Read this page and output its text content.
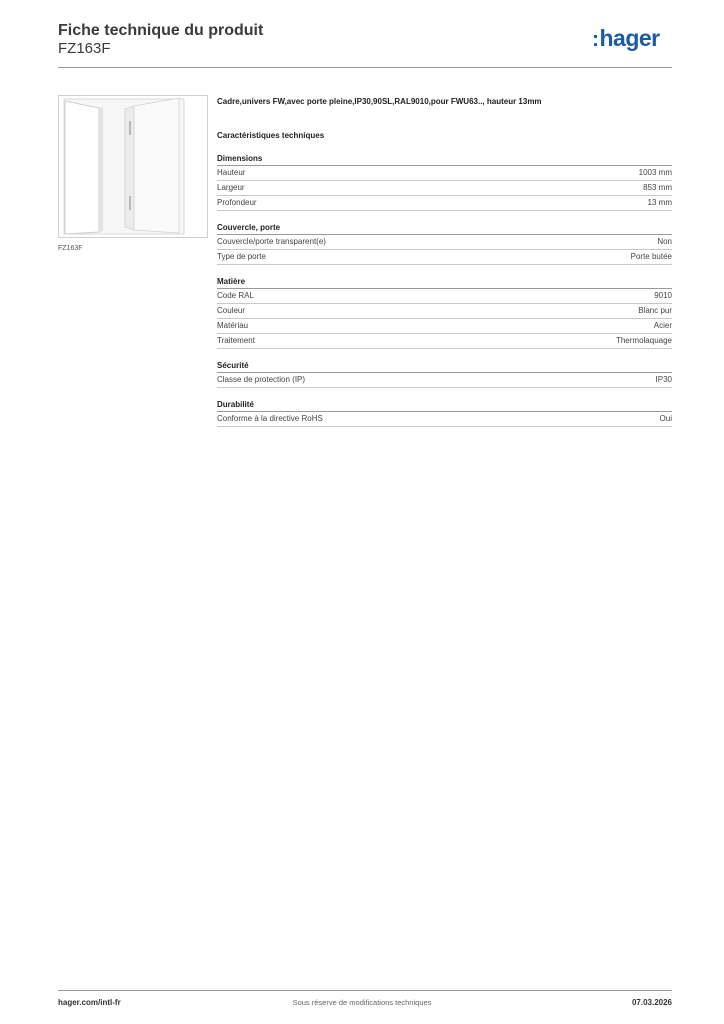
Fiche technique du produit
FZ163F	:hager
FZ163F
Cadre,univers FW,avec porte pleine,IP30,90SL,RAL9010,pour FWU63.., hauteur 13mm
Caractéristiques techniques
Dimensions
Hauteur	1003 mm
Largeur	853 mm
Profondeur	13 mm
Couvercle, porte
Couvercle/porte transparent(e)	Non
Type de porte	Porte butée
Matière
Code RAL	9010
Couleur	Blanc pur
Matériau	Acier
Traitement	Thermolaquage
Sécurité
Classe de protection (IP)	IP30
Durabilité
Conforme à la directive RoHS	Oui
hager.com/intl-fr	Sous réserve de modifications techniques	07.03.2026
